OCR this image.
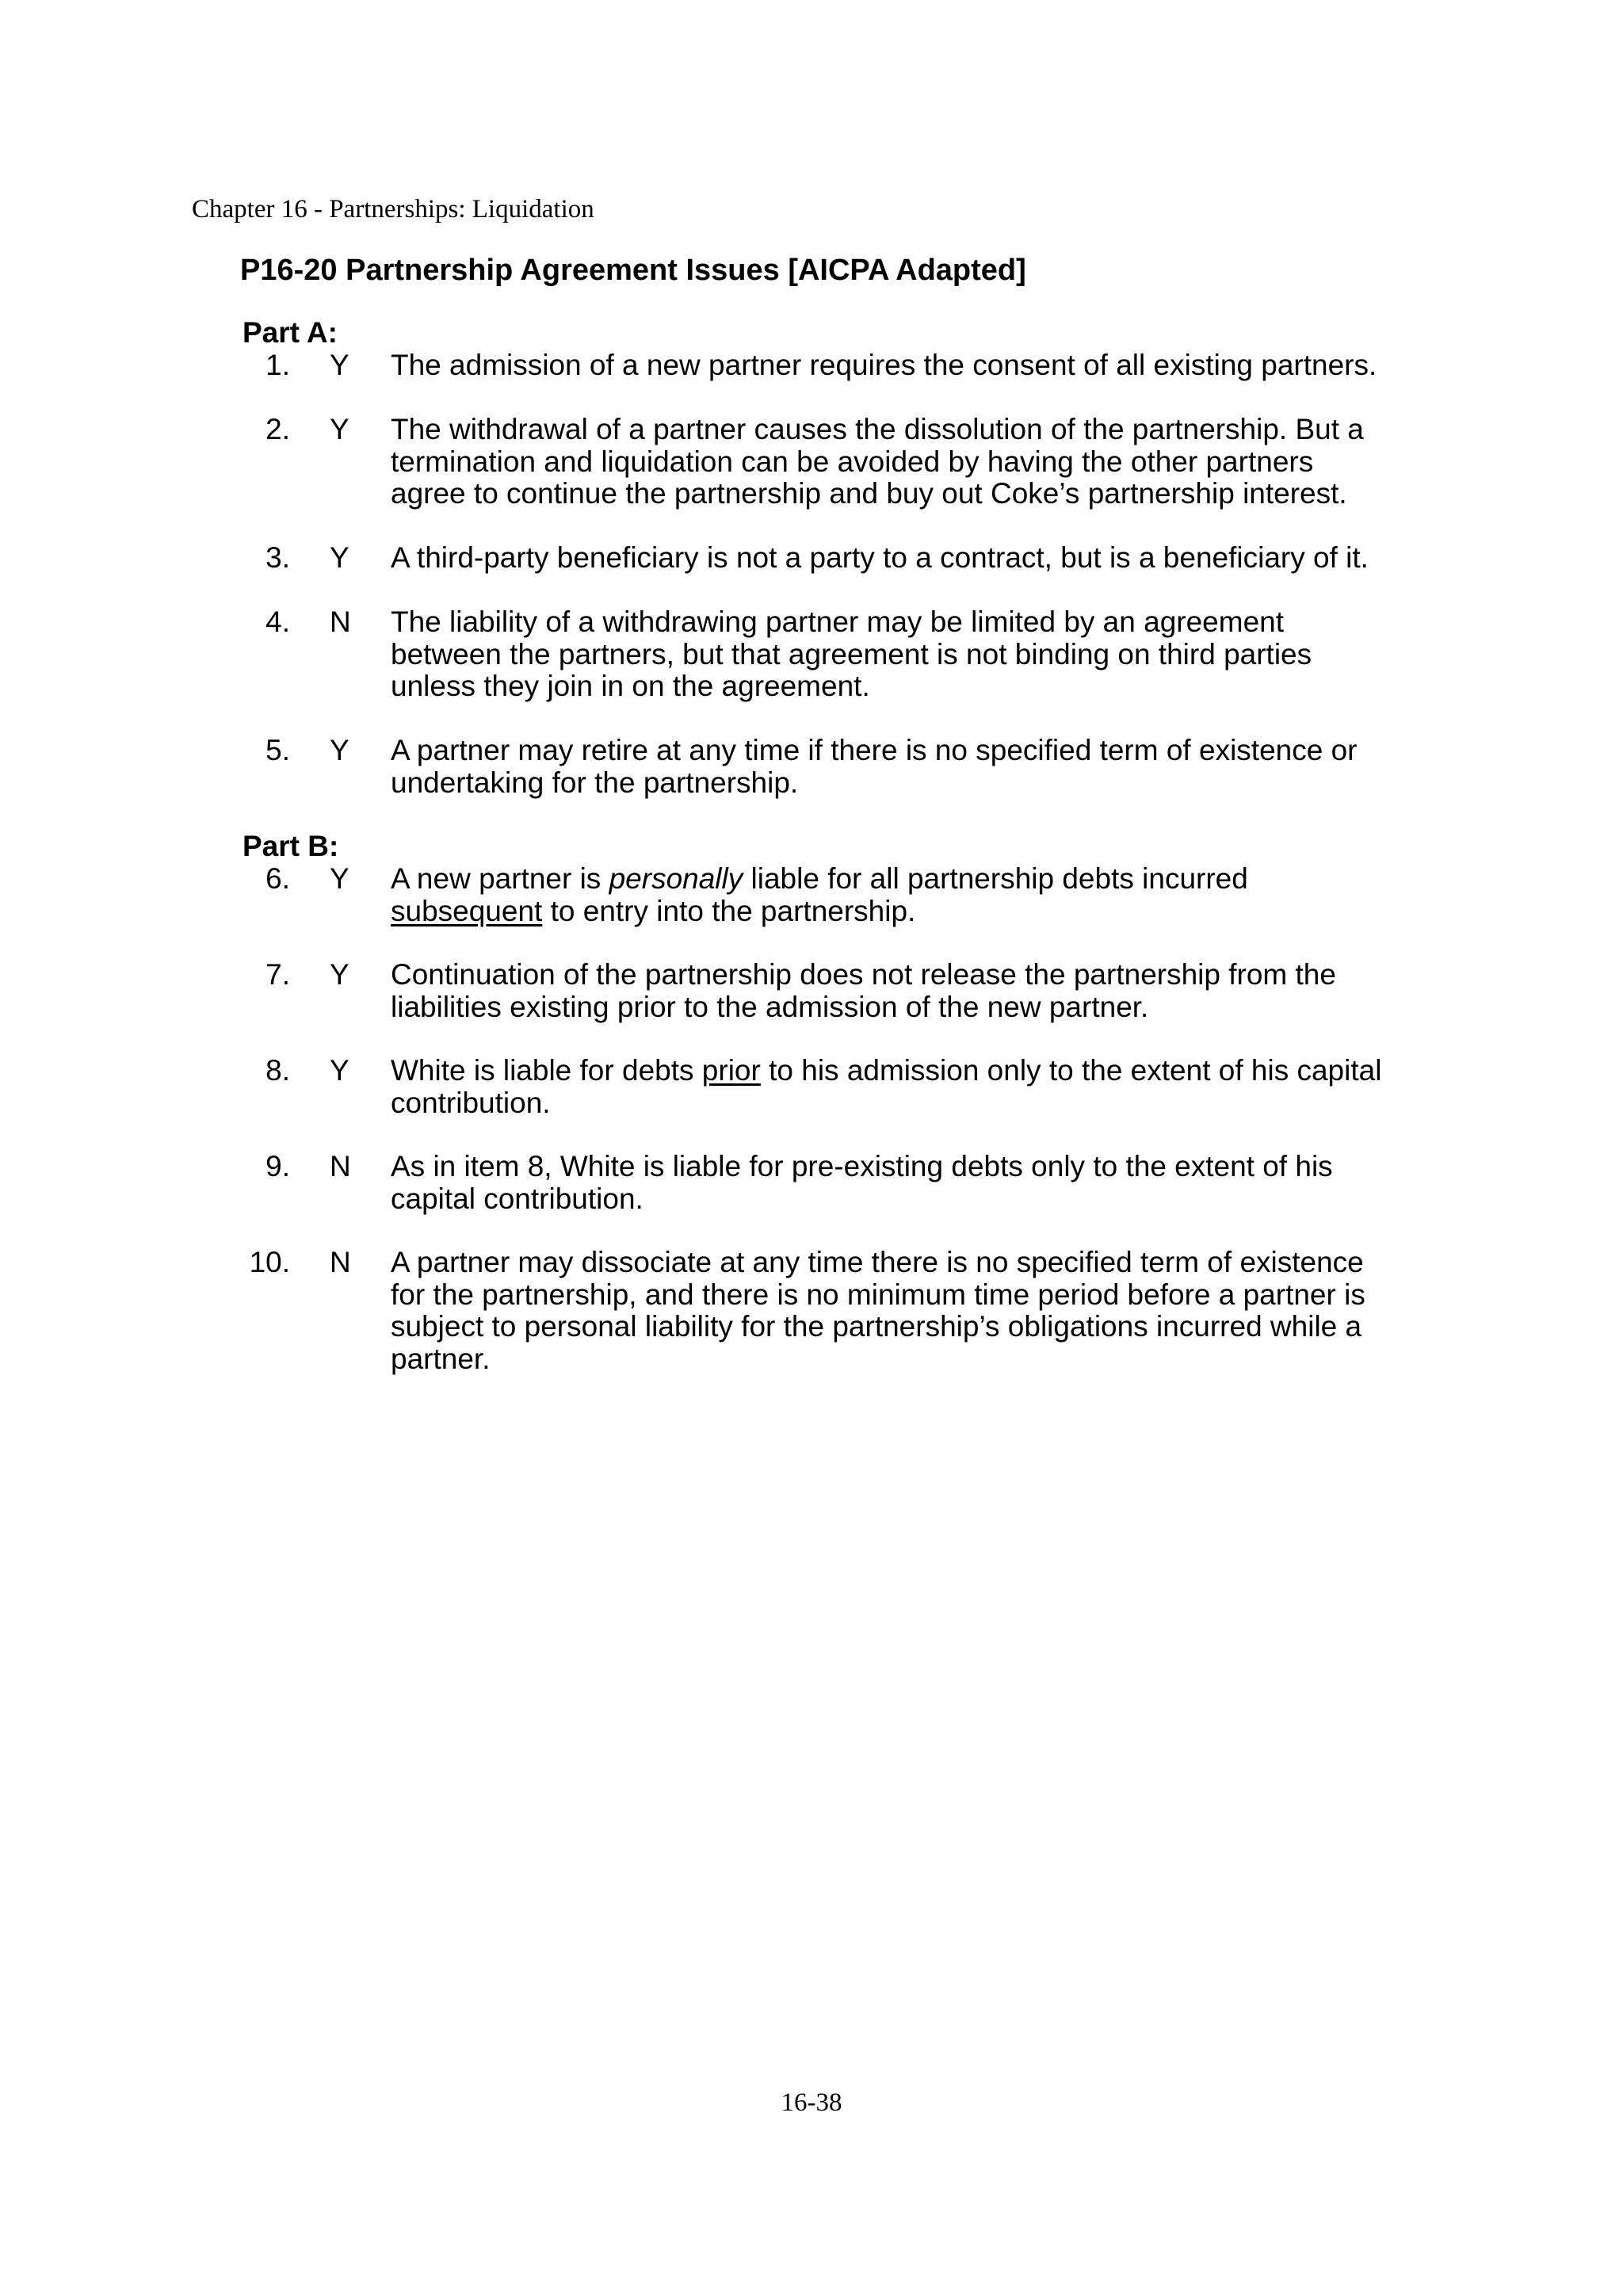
Chapter 16 - Partnerships: Liquidation
P16-20 Partnership Agreement Issues [AICPA Adapted]
Part A:
1. Y The admission of a new partner requires the consent of all existing partners.
2. Y The withdrawal of a partner causes the dissolution of the partnership. But a
termination and liquidation can be avoided by having the other partners
agree to continue the partnership and buy out Coke’s partnership interest.
3. Y A third-party beneficiary is not a party to a contract, but is a beneficiary of it.
4. N The liability of a withdrawing partner may be limited by an agreement
between the partners, but that agreement is not binding on third parties
unless they join in on the agreement.
5. Y A partner may retire at any time if there is no specified term of existence or
undertaking for the partnership.
Part B:
6. Y A new partner is personally liable for all partnership debts incurred
subsequent to entry into the partnership.
7. Y Continuation of the partnership does not release the partnership from the
liabilities existing prior to the admission of the new partner.
8. Y White is liable for debts prior to his admission only to the extent of his capital
contribution.
9. N As in item 8, White is liable for pre-existing debts only to the extent of his
capital contribution.
10. N A partner may dissociate at any time there is no specified term of existence
for the partnership, and there is no minimum time period before a partner is
subject to personal liability for the partnership’s obligations incurred while a
partner.
16-38
